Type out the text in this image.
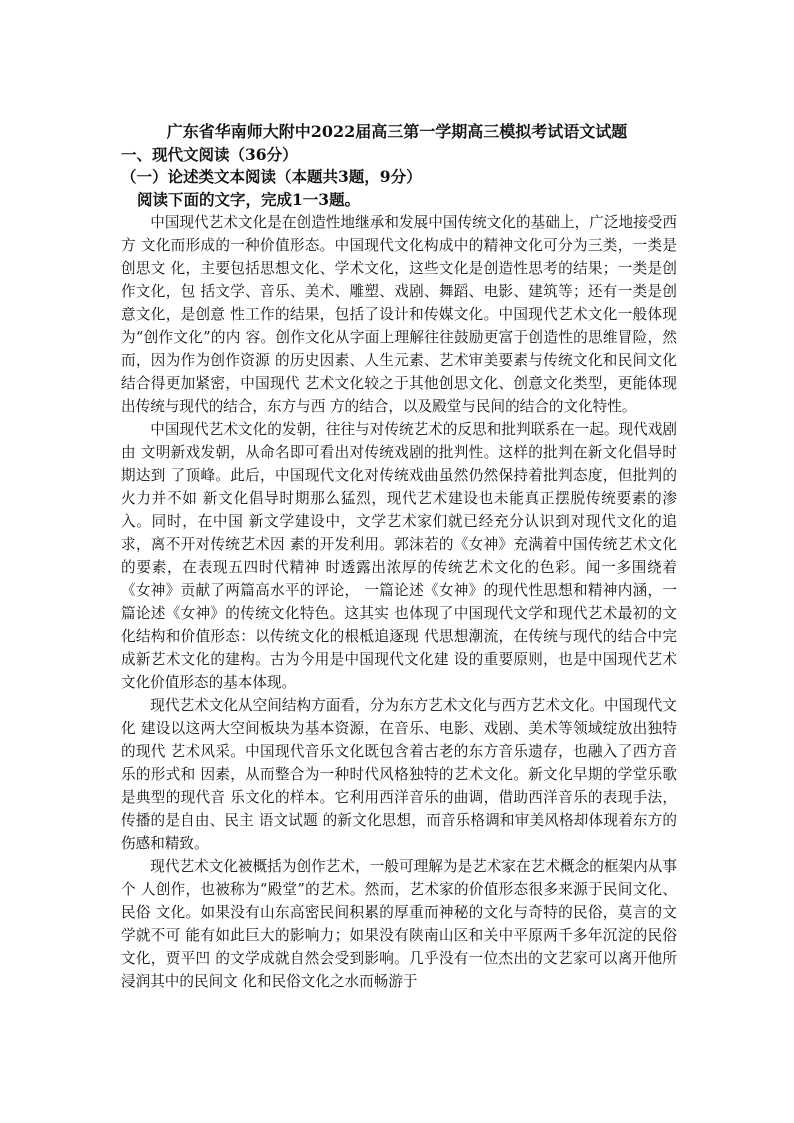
广东省华南师大附中2022届高三第一学期高三模拟考试语文试题
一、现代文阅读（36分）
（一）论述类文本阅读（本题共3题，9分）
阅读下面的文字，完成1一3题。

中国现代艺术文化是在创造性地继承和发展中国传统文化的基础上，广泛地接受西方 文化而形成的一种价值形态。中国现代文化构成中的精神文化可分为三类，一类是创思文 化，主要包括思想文化、学术文化，这些文化是创造性思考的结果；一类是创作文化，包 括文学、音乐、美术、雕塑、戏剧、舞蹈、电影、建筑等；还有一类是创意文化，是创意 性工作的结果，包括了设计和传媒文化。中国现代艺术文化一般体现为“创作文化”的内 容。创作文化从字面上理解往往鼓励更富于创造性的思维冒险，然而，因为作为创作资源 的历史因素、人生元素、艺术审美要素与传统文化和民间文化结合得更加紧密，中国现代 艺术文化较之于其他创思文化、创意文化类型，更能体现出传统与现代的结合，东方与西 方的结合，以及殿堂与民间的结合的文化特性。

中国现代艺术文化的发朝，往往与对传统艺术的反思和批判联系在一起。现代戏剧由 文明新戏发朝，从命名即可看出对传统戏剧的批判性。这样的批判在新文化倡导时期达到 了顶峰。此后，中国现代文化对传统戏曲虽然仍然保持着批判态度，但批判的火力并不如 新文化倡导时期那么猛烈，现代艺术建设也未能真正摆脱传统要素的渗入。同时，在中国 新文学建设中，文学艺术家们就已经充分认识到对现代文化的追求，离不开对传统艺术因 素的开发利用。郭沫若的《女神》充满着中国传统艺术文化的要素，在表现五四时代精神 时透露出浓厚的传统艺术文化的色彩。闻一多围绕着《女神》贡献了两篇高水平的评论， 一篇论述《女神》的现代性思想和精神内涵，一篇论述《女神》的传统文化特色。这其实 也体现了中国现代文学和现代艺术最初的文化结构和价值形态：以传统文化的根柢追逐现 代思想潮流，在传统与现代的结合中完成新艺术文化的建构。古为今用是中国现代文化建 设的重要原则，也是中国现代艺术文化价值形态的基本体现。

现代艺术文化从空间结构方面看，分为东方艺术文化与西方艺术文化。中国现代文化 建设以这两大空间板块为基本资源，在音乐、电影、戏剧、美术等领域绽放出独特的现代 艺术风采。中国现代音乐文化既包含着古老的东方音乐遗存，也融入了西方音乐的形式和 因素，从而整合为一种时代风格独特的艺术文化。新文化早期的学堂乐歌是典型的现代音 乐文化的样本。它利用西洋音乐的曲调，借助西洋音乐的表现手法，传播的是自由、民主 语文试题 的新文化思想，而音乐格调和审美风格却体现着东方的伤感和精致。

现代艺术文化被概括为创作艺术，一般可理解为是艺术家在艺术概念的框架内从事个 人创作，也被称为“殿堂”的艺术。然而，艺术家的价值形态很多来源于民间文化、民俗 文化。如果没有山东高密民间积累的厚重而神秘的文化与奇特的民俗，莫言的文学就不可 能有如此巨大的影响力；如果没有陕南山区和关中平原两千多年沉淀的民俗文化，贾平凹 的文学成就自然会受到影响。几乎没有一位杰出的文艺家可以离开他所浸润其中的民间文 化和民俗文化之水而畅游于
